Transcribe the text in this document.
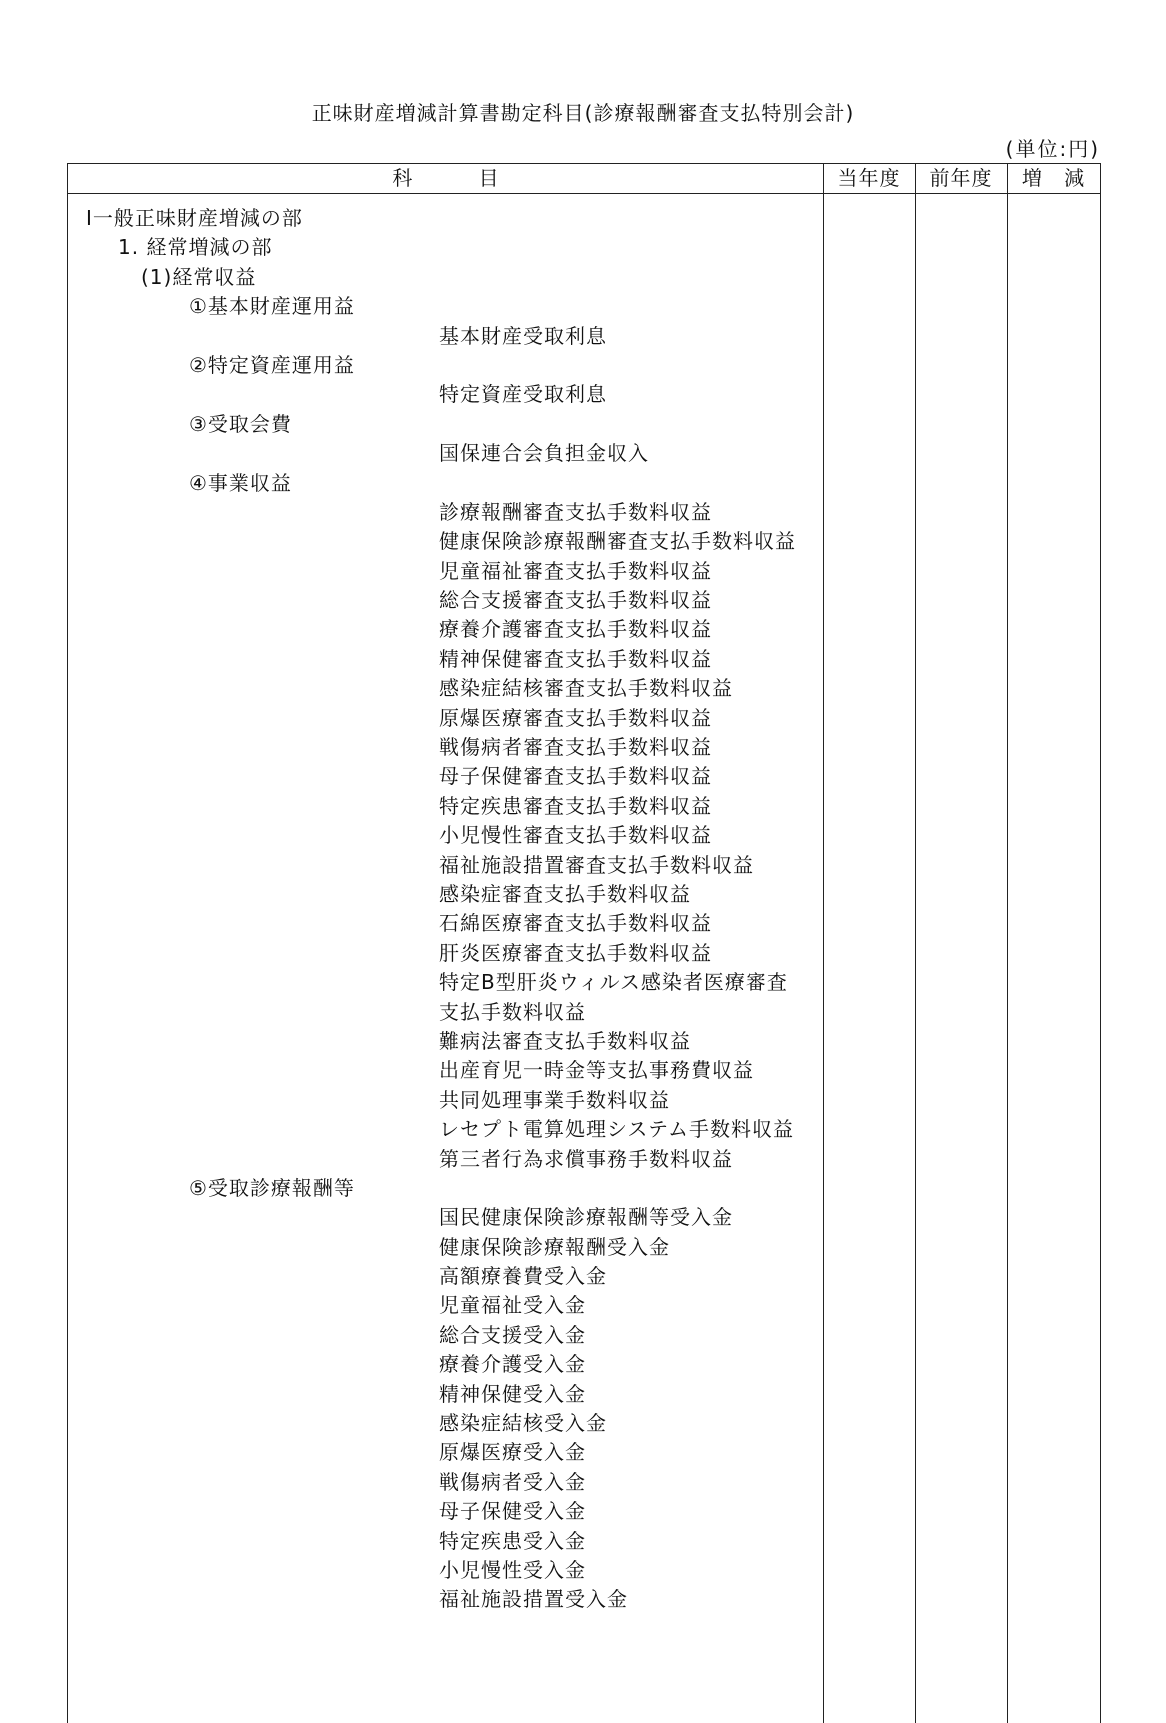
正味財産増減計算書勘定科目(診療報酬審査支払特別会計)
(単位:円)
科 目	当年度	前年度	増 減
Ⅰ一般正味財産増減の部
1. 経常増減の部
(1)経常収益
①基本財産運用益
基本財産受取利息
②特定資産運用益
特定資産受取利息
③受取会費
国保連合会負担金収入
④事業収益
診療報酬審査支払手数料収益
健康保険診療報酬審査支払手数料収益
児童福祉審査支払手数料収益
総合支援審査支払手数料収益
療養介護審査支払手数料収益
精神保健審査支払手数料収益
感染症結核審査支払手数料収益
原爆医療審査支払手数料収益
戦傷病者審査支払手数料収益
母子保健審査支払手数料収益
特定疾患審査支払手数料収益
小児慢性審査支払手数料収益
福祉施設措置審査支払手数料収益
感染症審査支払手数料収益
石綿医療審査支払手数料収益
肝炎医療審査支払手数料収益
特定B型肝炎ウィルス感染者医療審査
支払手数料収益
難病法審査支払手数料収益
出産育児一時金等支払事務費収益
共同処理事業手数料収益
レセプト電算処理システム手数料収益
第三者行為求償事務手数料収益
⑤受取診療報酬等
国民健康保険診療報酬等受入金
健康保険診療報酬受入金
高額療養費受入金
児童福祉受入金
総合支援受入金
療養介護受入金
精神保健受入金
感染症結核受入金
原爆医療受入金
戦傷病者受入金
母子保健受入金
特定疾患受入金
小児慢性受入金
福祉施設措置受入金
